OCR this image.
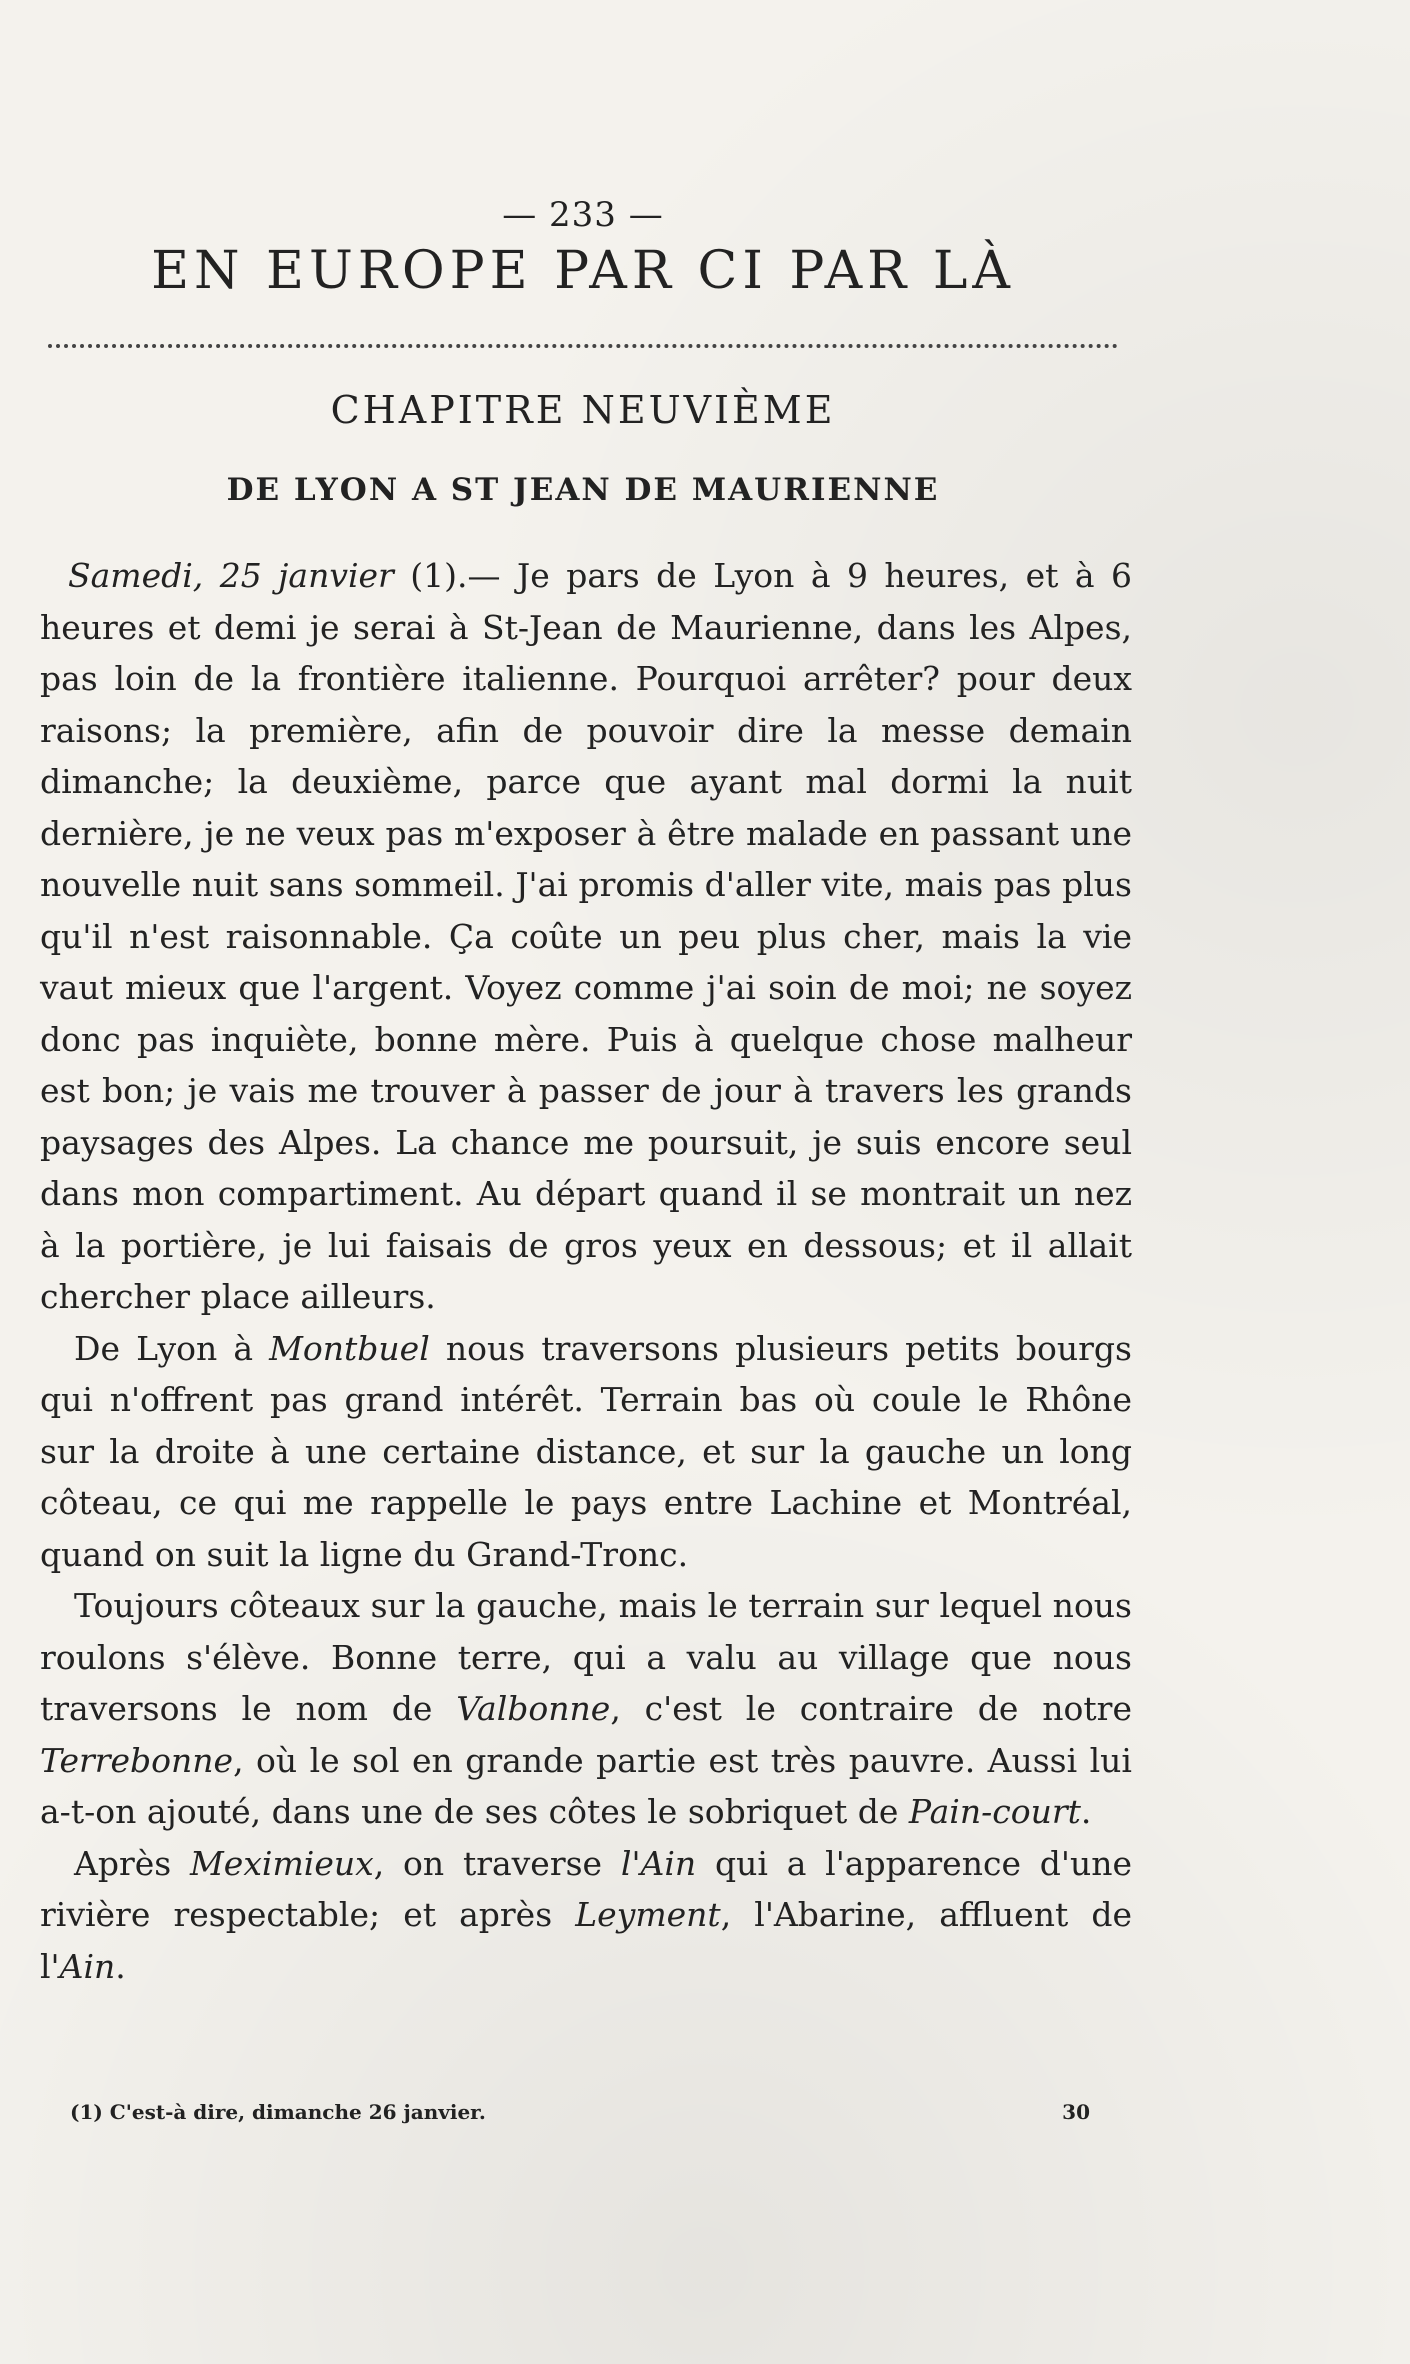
— 233 —
EN EUROPE PAR CI PAR LÀ
CHAPITRE NEUVIÈME
DE LYON A ST JEAN DE MAURIENNE

Samedi, 25 janvier (1).— Je pars de Lyon à 9 heures, et à 6 heures et demi je serai à St-Jean de Maurienne, dans les Alpes, pas loin de la frontière italienne. Pourquoi arrêter? pour deux raisons; la première, afin de pouvoir dire la messe demain dimanche; la deuxième, parce que ayant mal dormi la nuit dernière, je ne veux pas m'exposer à être malade en passant une nouvelle nuit sans sommeil. J'ai promis d'aller vite, mais pas plus qu'il n'est raisonnable. Ça coûte un peu plus cher, mais la vie vaut mieux que l'argent. Voyez comme j'ai soin de moi; ne soyez donc pas inquiète, bonne mère. Puis à quelque chose malheur est bon; je vais me trouver à passer de jour à travers les grands paysages des Alpes. La chance me poursuit, je suis encore seul dans mon compartiment. Au départ quand il se montrait un nez à la portière, je lui faisais de gros yeux en dessous; et il allait chercher place ailleurs.

De Lyon à Montbuel nous traversons plusieurs petits bourgs qui n'offrent pas grand intérêt. Terrain bas où coule le Rhône sur la droite à une certaine distance, et sur la gauche un long côteau, ce qui me rappelle le pays entre Lachine et Montréal, quand on suit la ligne du Grand-Tronc.

Toujours côteaux sur la gauche, mais le terrain sur lequel nous roulons s'élève. Bonne terre, qui a valu au village que nous traversons le nom de Valbonne, c'est le contraire de notre Terrebonne, où le sol en grande partie est très pauvre. Aussi lui a-t-on ajouté, dans une de ses côtes le sobriquet de Pain-court.

Après Meximieux, on traverse l'Ain qui a l'apparence d'une rivière respectable; et après Leyment, l'Abarine, affluent de l'Ain.

(1) C'est-à dire, dimanche 26 janvier.	30
